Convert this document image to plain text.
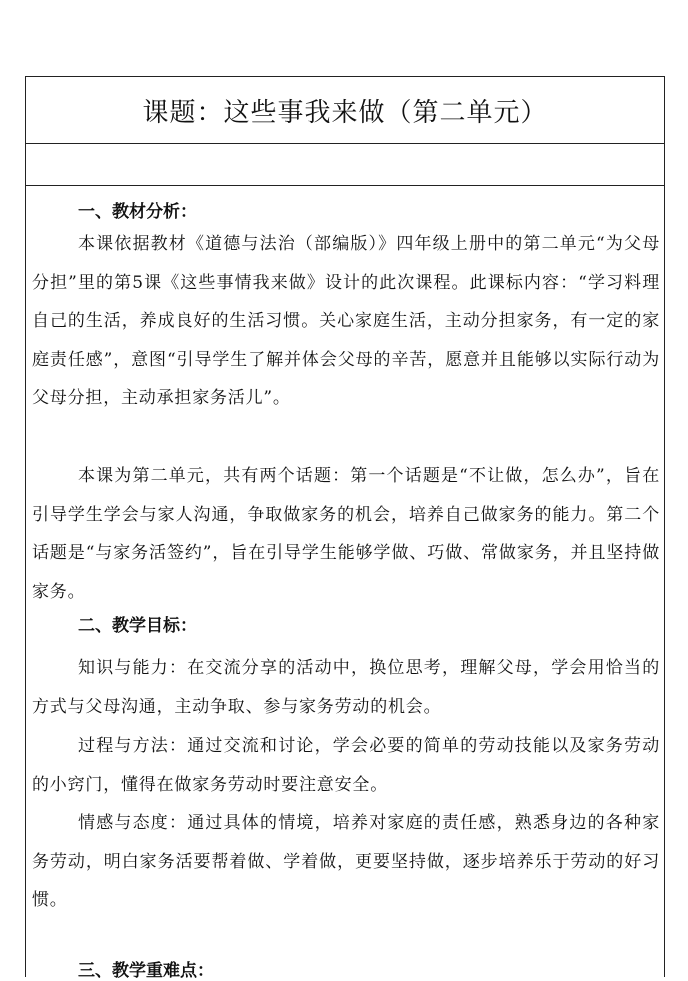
课题：这些事我来做（第二单元）
一、教材分析：
本课依据教材《道德与法治（部编版）》四年级上册中的第二单元“为父母分担”里的第5课《这些事情我来做》设计的此次课程。此课标内容：“学习料理自己的生活，养成良好的生活习惯。关心家庭生活，主动分担家务，有一定的家庭责任感”，意图“引导学生了解并体会父母的辛苦，愿意并且能够以实际行动为父母分担，主动承担家务活儿”。
本课为第二单元，共有两个话题：第一个话题是“不让做，怎么办”，旨在引导学生学会与家人沟通，争取做家务的机会，培养自己做家务的能力。第二个话题是“与家务活签约”，旨在引导学生能够学做、巧做、常做家务，并且坚持做家务。
二、教学目标：
知识与能力：在交流分享的活动中，换位思考，理解父母，学会用恰当的方式与父母沟通，主动争取、参与家务劳动的机会。
过程与方法：通过交流和讨论，学会必要的简单的劳动技能以及家务劳动的小窍门，懂得在做家务劳动时要注意安全。
情感与态度：通过具体的情境，培养对家庭的责任感，熟悉身边的各种家务劳动，明白家务活要帮着做、学着做，更要坚持做，逐步培养乐于劳动的好习惯。
三、教学重难点：
